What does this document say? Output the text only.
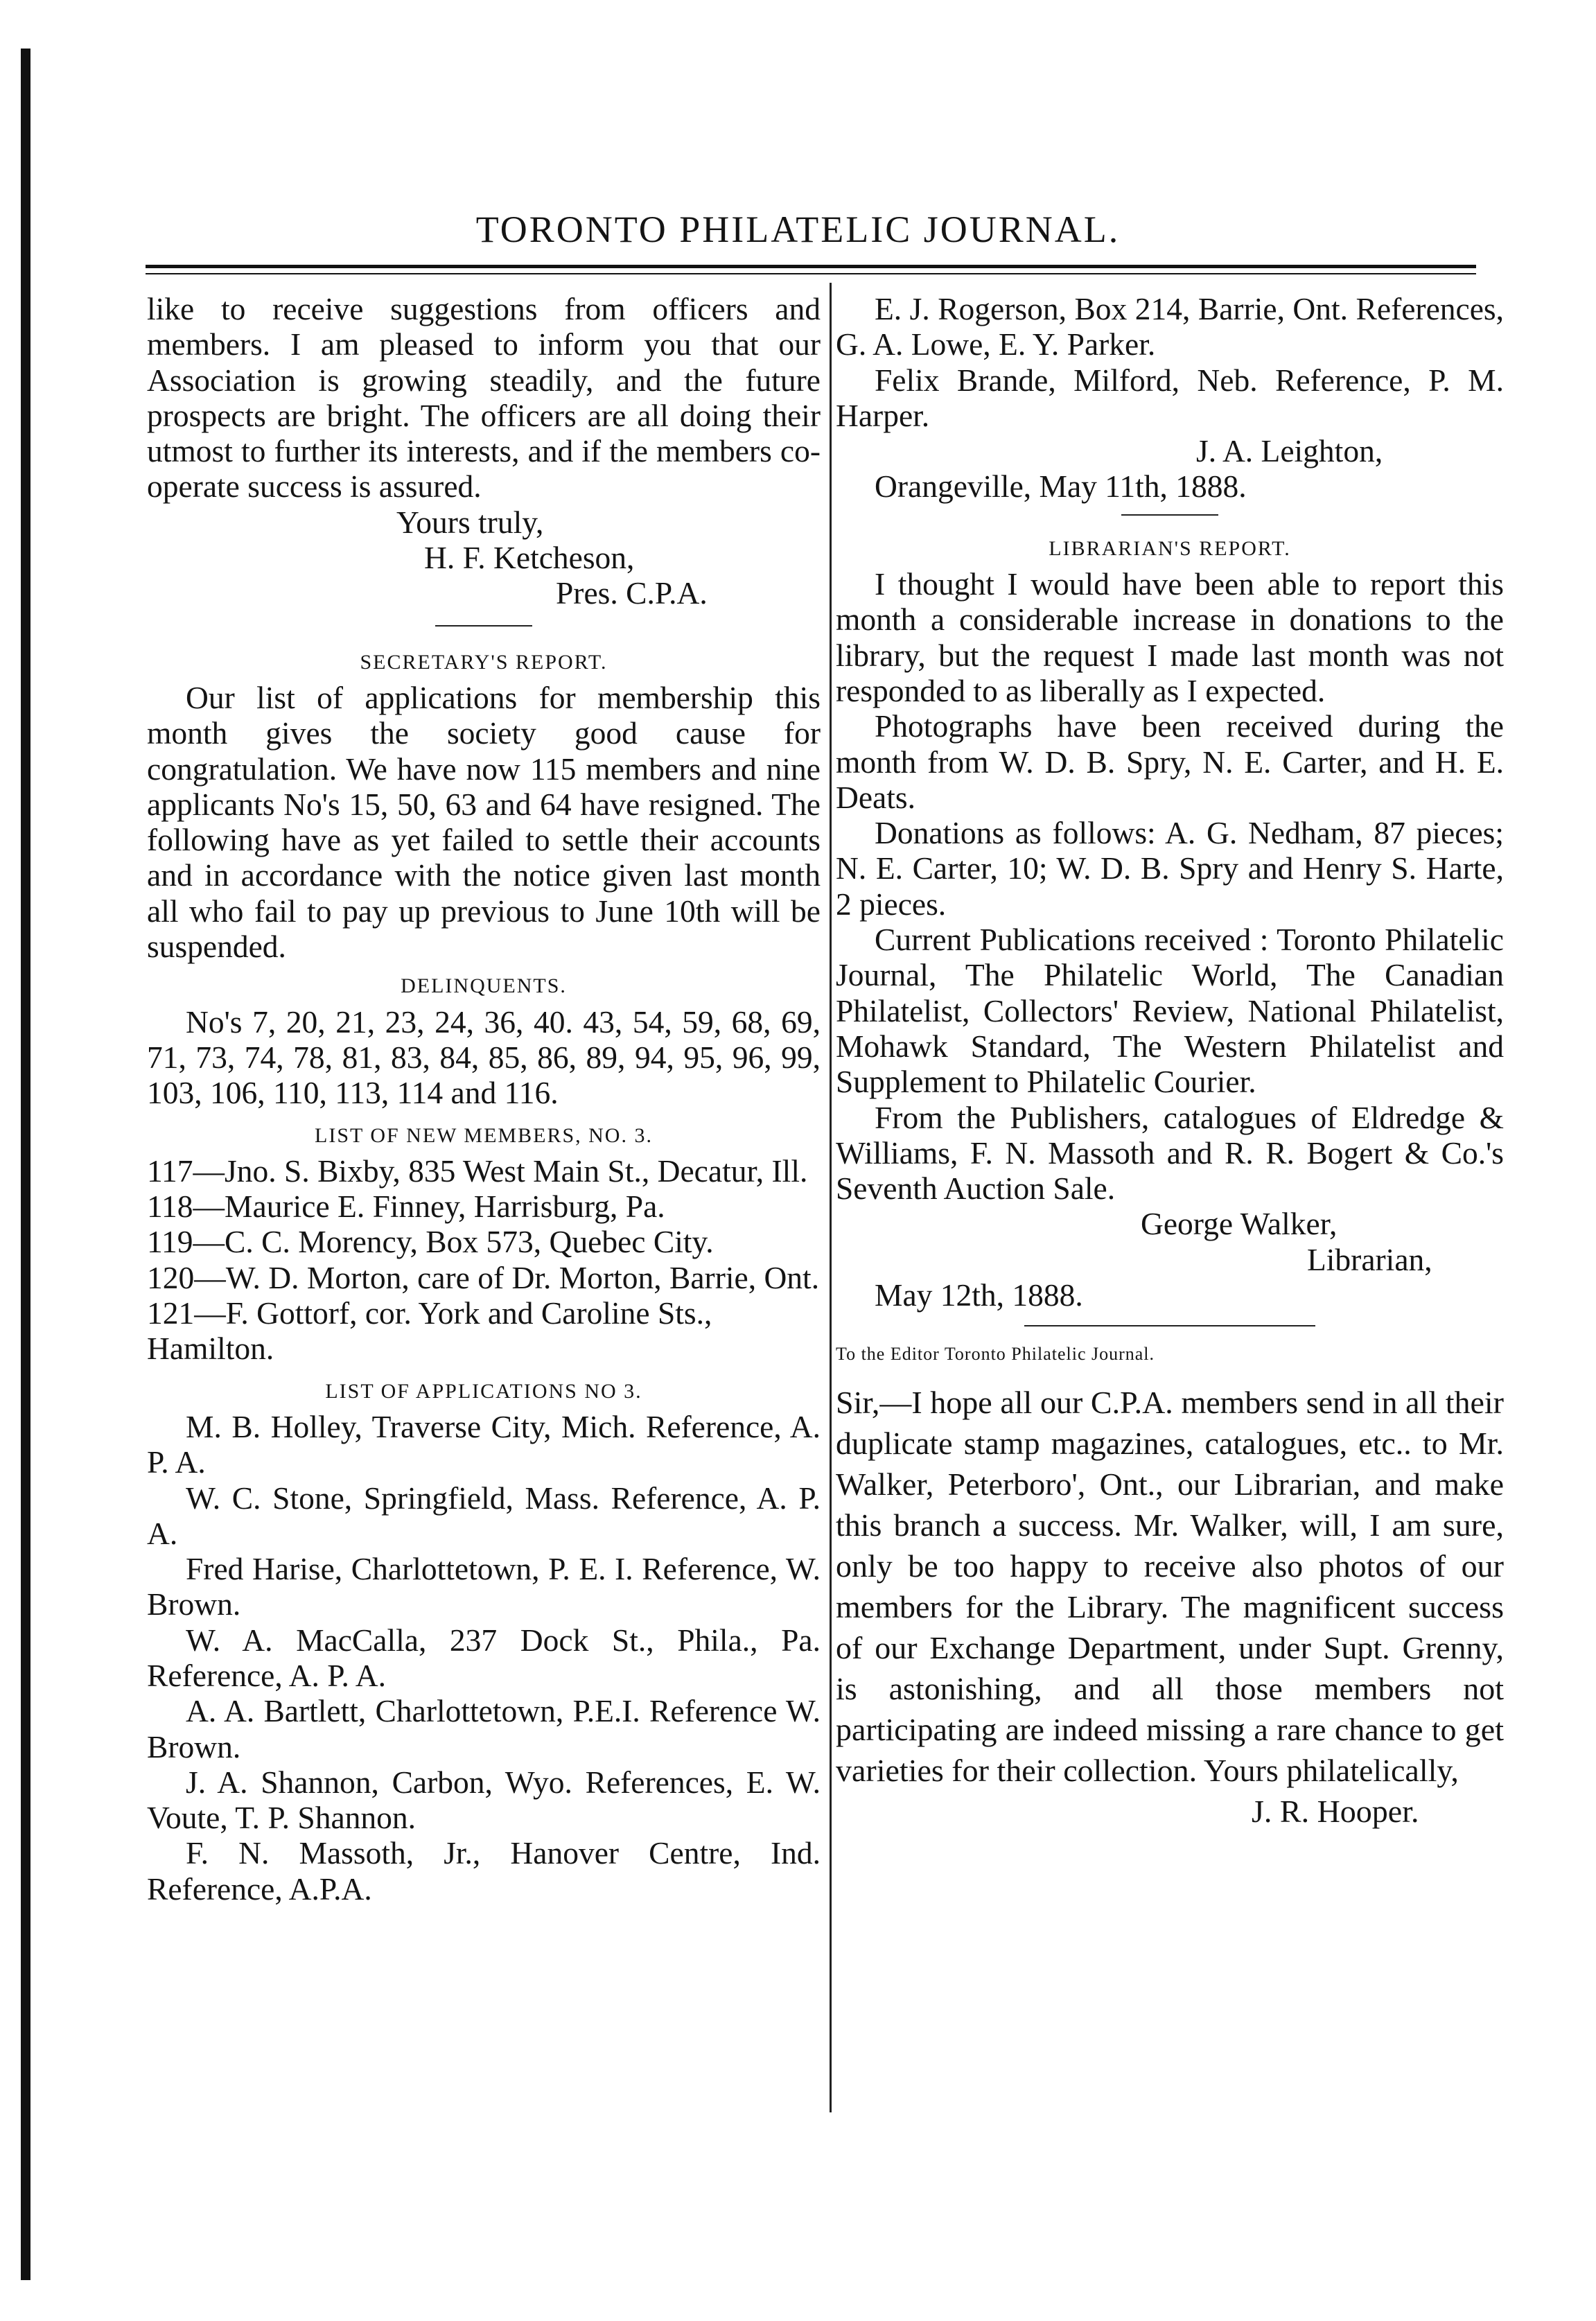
TORONTO PHILATELIC JOURNAL.

like to receive suggestions from officers and members. I am pleased to inform you that our Association is growing steadily, and the future prospects are bright. The officers are all doing their utmost to further its interests, and if the members co-operate success is assured.

Yours truly,

H. F. Ketcheson,

Pres. C.P.A.

SECRETARY'S REPORT.

Our list of applications for membership this month gives the society good cause for congratulation. We have now 115 members and nine applicants No's 15, 50, 63 and 64 have resigned. The following have as yet failed to settle their accounts and in accordance with the notice given last month all who fail to pay up previous to June 10th will be suspended.

DELINQUENTS.

No's 7, 20, 21, 23, 24, 36, 40. 43, 54, 59, 68, 69, 71, 73, 74, 78, 81, 83, 84, 85, 86, 89, 94, 95, 96, 99, 103, 106, 110, 113, 114 and 116.

LIST OF NEW MEMBERS, NO. 3.

117—Jno. S. Bixby, 835 West Main St., Decatur, Ill.

118—Maurice E. Finney, Harrisburg, Pa.

119—C. C. Morency, Box 573, Quebec City.

120—W. D. Morton, care of Dr. Morton, Barrie, Ont.

121—F. Gottorf, cor. York and Caroline Sts., Hamilton.

LIST OF APPLICATIONS NO 3.

M. B. Holley, Traverse City, Mich. Reference, A. P. A.

W. C. Stone, Springfield, Mass. Reference, A. P. A.

Fred Harise, Charlottetown, P. E. I. Reference, W. Brown.

W. A. MacCalla, 237 Dock St., Phila., Pa. Reference, A. P. A.

A. A. Bartlett, Charlottetown, P.E.I. Reference W. Brown.

J. A. Shannon, Carbon, Wyo. References, E. W. Voute, T. P. Shannon.

F. N. Massoth, Jr., Hanover Centre, Ind. Reference, A.P.A.

E. J. Rogerson, Box 214, Barrie, Ont. References, G. A. Lowe, E. Y. Parker.

Felix Brande, Milford, Neb. Reference, P. M. Harper.

J. A. Leighton,

Orangeville, May 11th, 1888.

LIBRARIAN'S REPORT.

I thought I would have been able to report this month a considerable increase in donations to the library, but the request I made last month was not responded to as liberally as I expected.

Photographs have been received during the month from W. D. B. Spry, N. E. Carter, and H. E. Deats.

Donations as follows: A. G. Nedham, 87 pieces; N. E. Carter, 10; W. D. B. Spry and Henry S. Harte, 2 pieces.

Current Publications received : Toronto Philatelic Journal, The Philatelic World, The Canadian Philatelist, Collectors' Review, National Philatelist, Mohawk Standard, The Western Philatelist and Supplement to Philatelic Courier.

From the Publishers, catalogues of Eldredge & Williams, F. N. Massoth and R. R. Bogert & Co.'s Seventh Auction Sale.

George Walker,

Librarian,

May 12th, 1888.

To the Editor Toronto Philatelic Journal.

Sir,—I hope all our C.P.A. members send in all their duplicate stamp magazines, catalogues, etc.. to Mr. Walker, Peterboro', Ont., our Librarian, and make this branch a success. Mr. Walker, will, I am sure, only be too happy to receive also photos of our members for the Library. The magnificent success of our Exchange Department, under Supt. Grenny, is astonishing, and all those members not participating are indeed missing a rare chance to get varieties for their collection. Yours philatelically,

J. R. Hooper.
